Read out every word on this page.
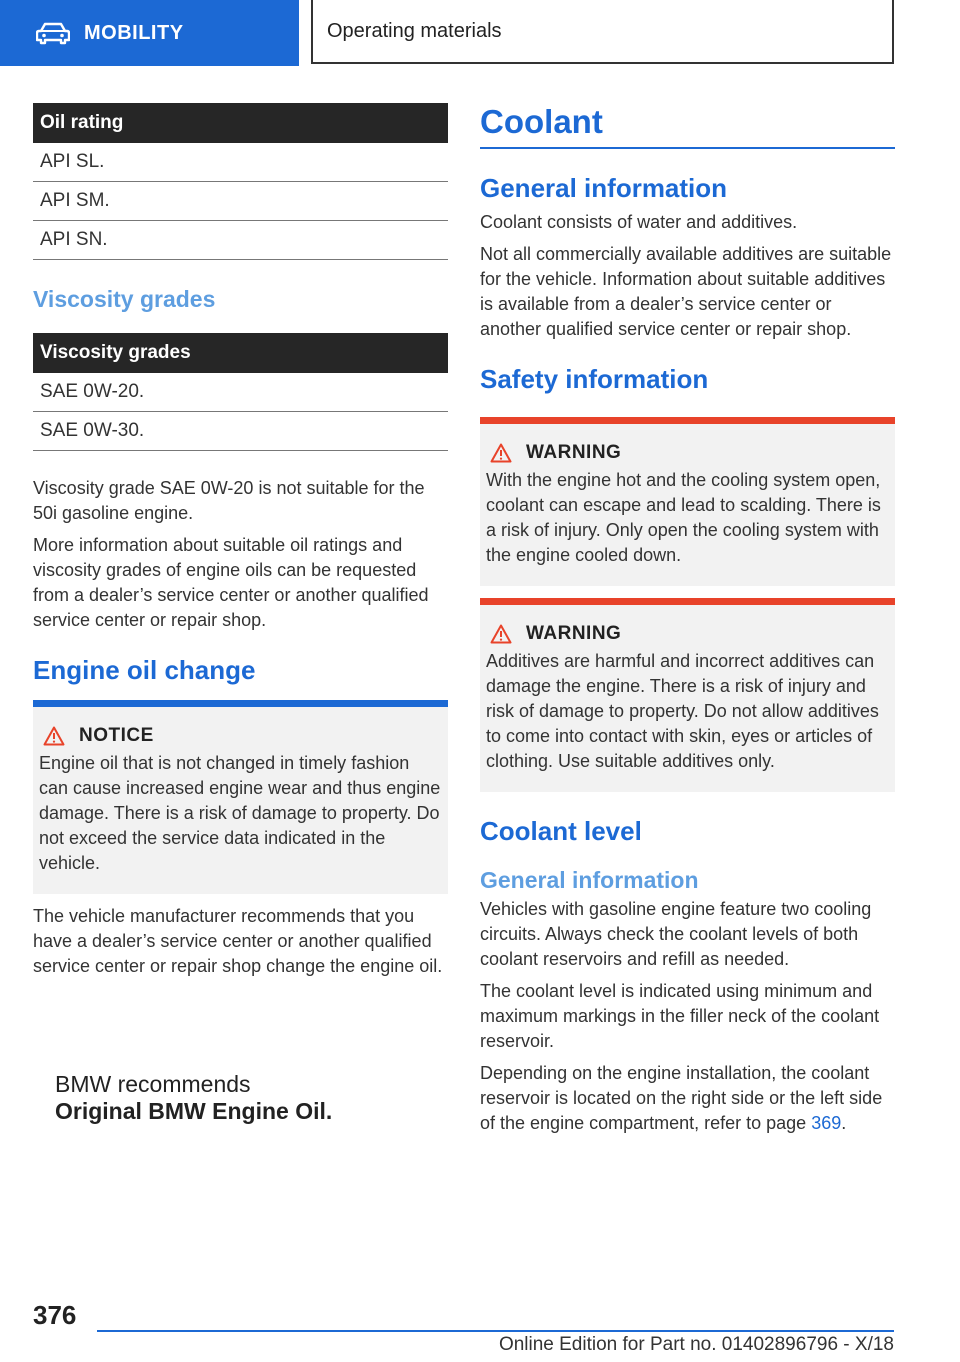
MOBILITY	Operating materials
Oil rating
API SL.
API SM.
API SN.
Viscosity grades
Viscosity grades
SAE 0W-20.
SAE 0W-30.

Viscosity grade SAE 0W-20 is not suitable for the 50i gasoline engine.

More information about suitable oil ratings and viscosity grades of engine oils can be requested from a dealer’s service center or another qualified service center or repair shop.

Engine oil change
NOTICE

Engine oil that is not changed in timely fashion can cause increased engine wear and thus engine damage. There is a risk of damage to property. Do not exceed the service data indicated in the vehicle.

The vehicle manufacturer recommends that you have a dealer’s service center or another qualified service center or repair shop change the engine oil.

BMW recommends
Original BMW Engine Oil.
Coolant
General information

Coolant consists of water and additives.

Not all commercially available additives are suitable for the vehicle. Information about suitable additives is available from a dealer’s service center or another qualified service center or repair shop.

Safety information
WARNING

With the engine hot and the cooling system open, coolant can escape and lead to scalding. There is a risk of injury. Only open the cooling system with the engine cooled down.

WARNING

Additives are harmful and incorrect additives can damage the engine. There is a risk of injury and risk of damage to property. Do not allow additives to come into contact with skin, eyes or articles of clothing. Use suitable additives only.

Coolant level
General information

Vehicles with gasoline engine feature two cooling circuits. Always check the coolant levels of both coolant reservoirs and refill as needed.

The coolant level is indicated using minimum and maximum markings in the filler neck of the coolant reservoir.

Depending on the engine installation, the coolant reservoir is located on the right side or the left side of the engine compartment, refer to page 369.

376
Online Edition for Part no. 01402896796 - X/18
